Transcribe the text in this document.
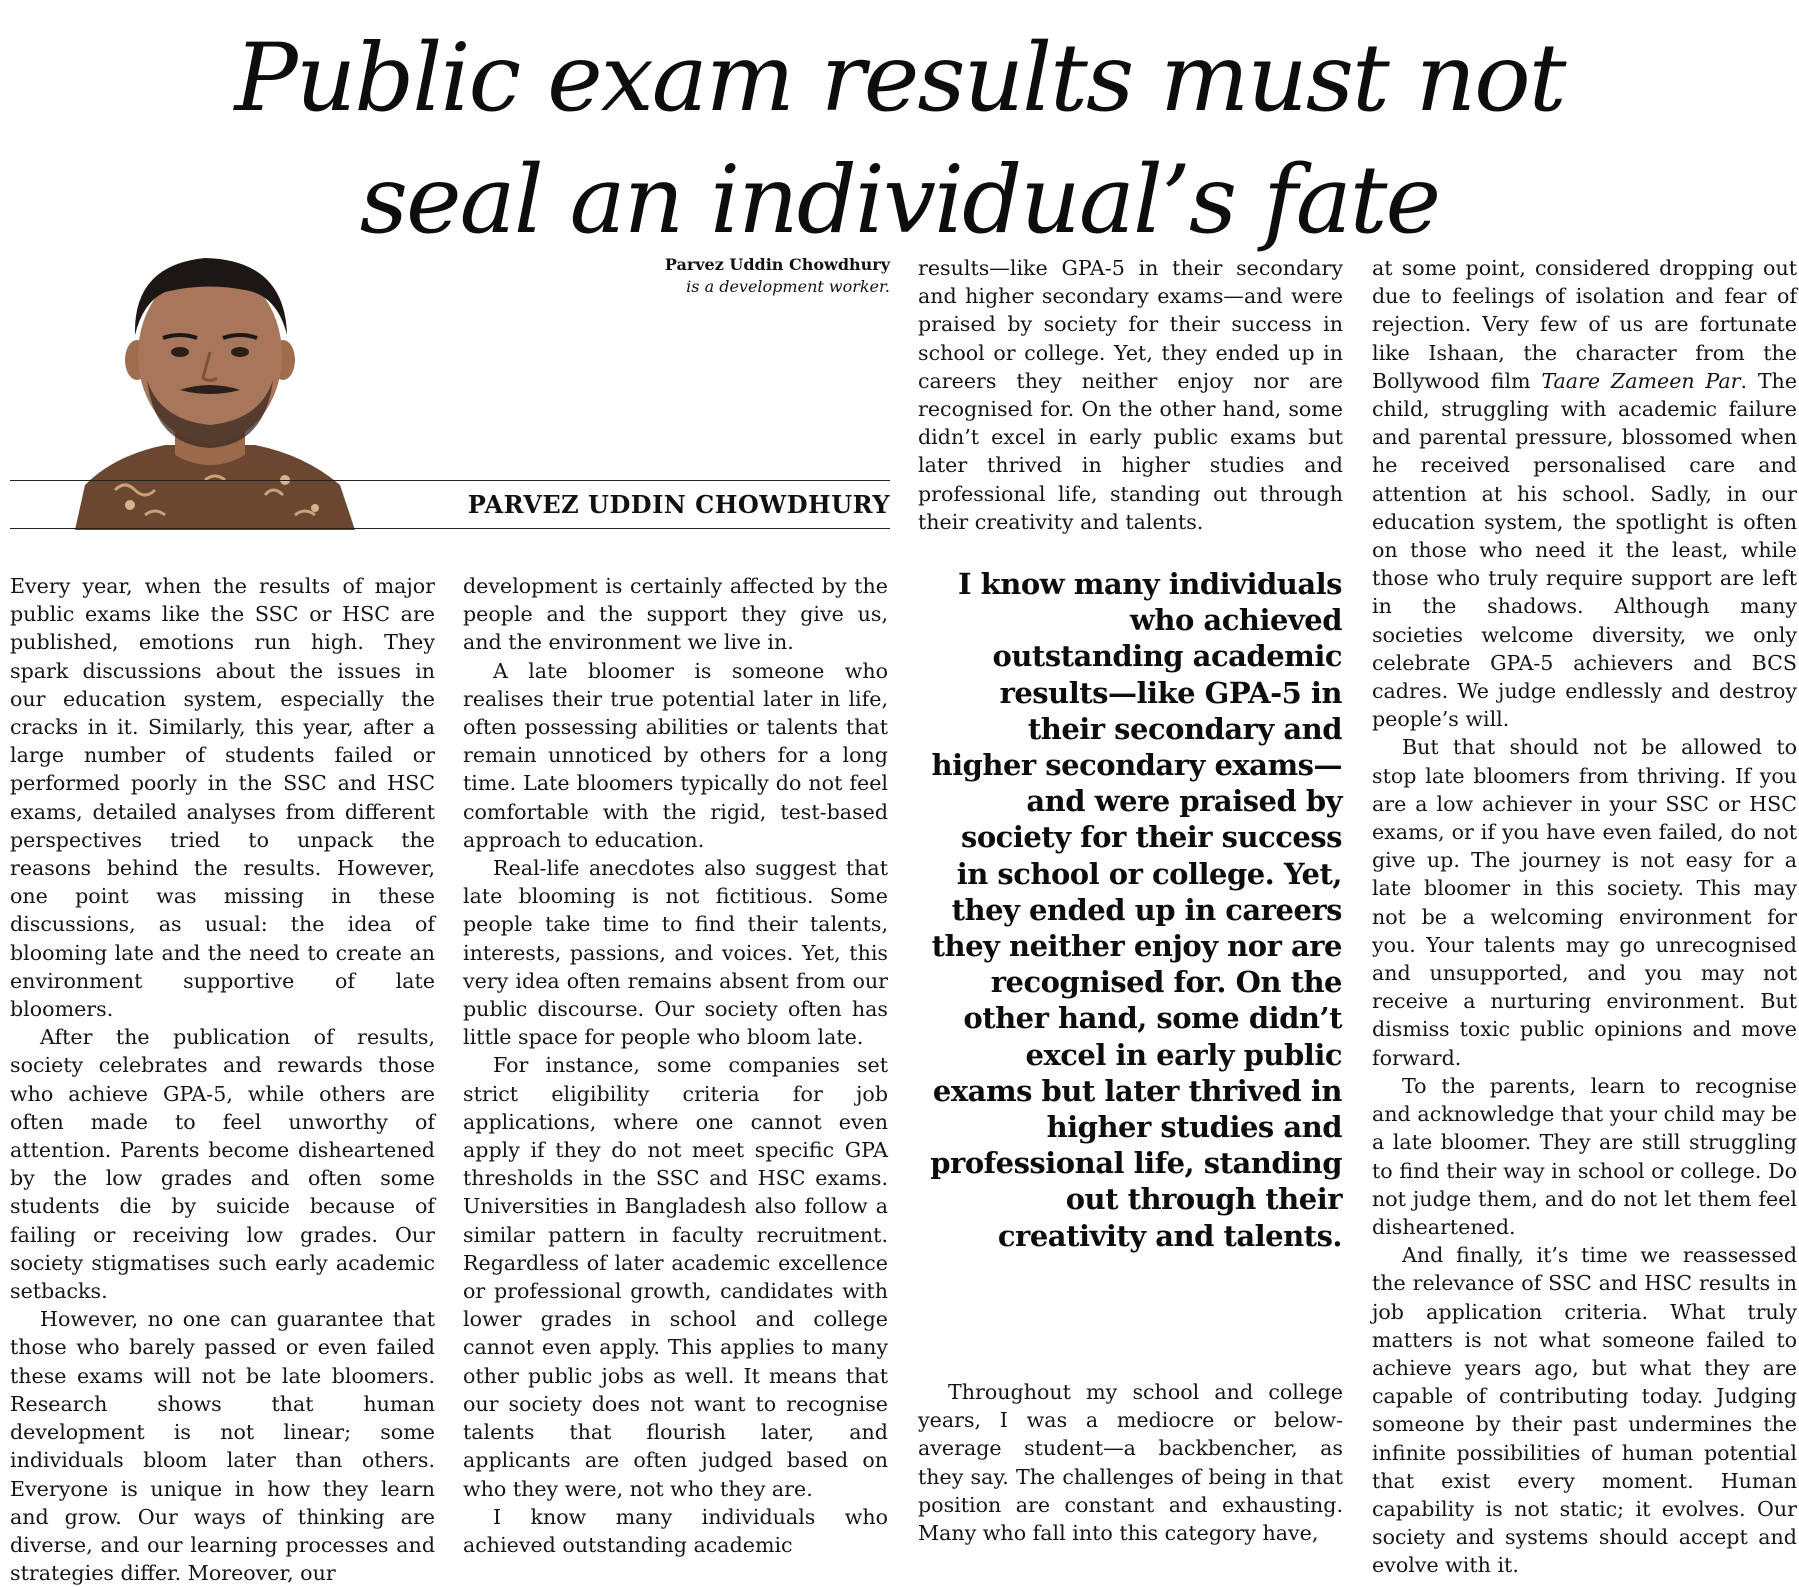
Public exam results must not
seal an individual’s fate
Parvez Uddin Chowdhury
is a development worker.
PARVEZ UDDIN CHOWDHURY

Every year, when the results of major public exams like the SSC or HSC are published, emotions run high. They spark discussions about the issues in our education system, especially the cracks in it. Similarly, this year, after a large number of students failed or performed poorly in the SSC and HSC exams, detailed analyses from different perspectives tried to unpack the reasons behind the results. However, one point was missing in these discussions, as usual: the idea of blooming late and the need to create an environment supportive of late bloomers.

After the publication of results, society celebrates and rewards those who achieve GPA-5, while others are often made to feel unworthy of attention. Parents become disheartened by the low grades and often some students die by suicide because of failing or receiving low grades. Our society stigmatises such early academic setbacks.

However, no one can guarantee that those who barely passed or even failed these exams will not be late bloomers. Research shows that human development is not linear; some individuals bloom later than others. Everyone is unique in how they learn and grow. Our ways of thinking are diverse, and our learning processes and strategies differ. Moreover, our

development is certainly affected by the people and the support they give us, and the environment we live in.

A late bloomer is someone who realises their true potential later in life, often possessing abilities or talents that remain unnoticed by others for a long time. Late bloomers typically do not feel comfortable with the rigid, test-based approach to education.

Real-life anecdotes also suggest that late blooming is not fictitious. Some people take time to find their talents, interests, passions, and voices. Yet, this very idea often remains absent from our public discourse. Our society often has little space for people who bloom late.

For instance, some companies set strict eligibility criteria for job applications, where one cannot even apply if they do not meet specific GPA thresholds in the SSC and HSC exams. Universities in Bangladesh also follow a similar pattern in faculty recruitment. Regardless of later academic excellence or professional growth, candidates with lower grades in school and college cannot even apply. This applies to many other public jobs as well. It means that our society does not want to recognise talents that flourish later, and applicants are often judged based on who they were, not who they are.

I know many individuals who achieved outstanding academic

results—like GPA-5 in their secondary and higher secondary exams—and were praised by society for their success in school or college. Yet, they ended up in careers they neither enjoy nor are recognised for. On the other hand, some didn’t excel in early public exams but later thrived in higher studies and professional life, standing out through their creativity and talents.

I know many individuals who achieved outstanding academic results—like GPA-5 in their secondary and higher secondary exams—and were praised by society for their success in school or college. Yet, they ended up in careers they neither enjoy nor are recognised for. On the other hand, some didn’t excel in early public exams but later thrived in higher studies and professional life, standing out through their creativity and talents.

Throughout my school and college years, I was a mediocre or below-average student—a backbencher, as they say. The challenges of being in that position are constant and exhausting. Many who fall into this category have,

at some point, considered dropping out due to feelings of isolation and fear of rejection. Very few of us are fortunate like Ishaan, the character from the Bollywood film Taare Zameen Par. The child, struggling with academic failure and parental pressure, blossomed when he received personalised care and attention at his school. Sadly, in our education system, the spotlight is often on those who need it the least, while those who truly require support are left in the shadows. Although many societies welcome diversity, we only celebrate GPA-5 achievers and BCS cadres. We judge endlessly and destroy people’s will.

But that should not be allowed to stop late bloomers from thriving. If you are a low achiever in your SSC or HSC exams, or if you have even failed, do not give up. The journey is not easy for a late bloomer in this society. This may not be a welcoming environment for you. Your talents may go unrecognised and unsupported, and you may not receive a nurturing environment. But dismiss toxic public opinions and move forward.

To the parents, learn to recognise and acknowledge that your child may be a late bloomer. They are still struggling to find their way in school or college. Do not judge them, and do not let them feel disheartened.

And finally, it’s time we reassessed the relevance of SSC and HSC results in job application criteria. What truly matters is not what someone failed to achieve years ago, but what they are capable of contributing today. Judging someone by their past undermines the infinite possibilities of human potential that exist every moment. Human capability is not static; it evolves. Our society and systems should accept and evolve with it.
